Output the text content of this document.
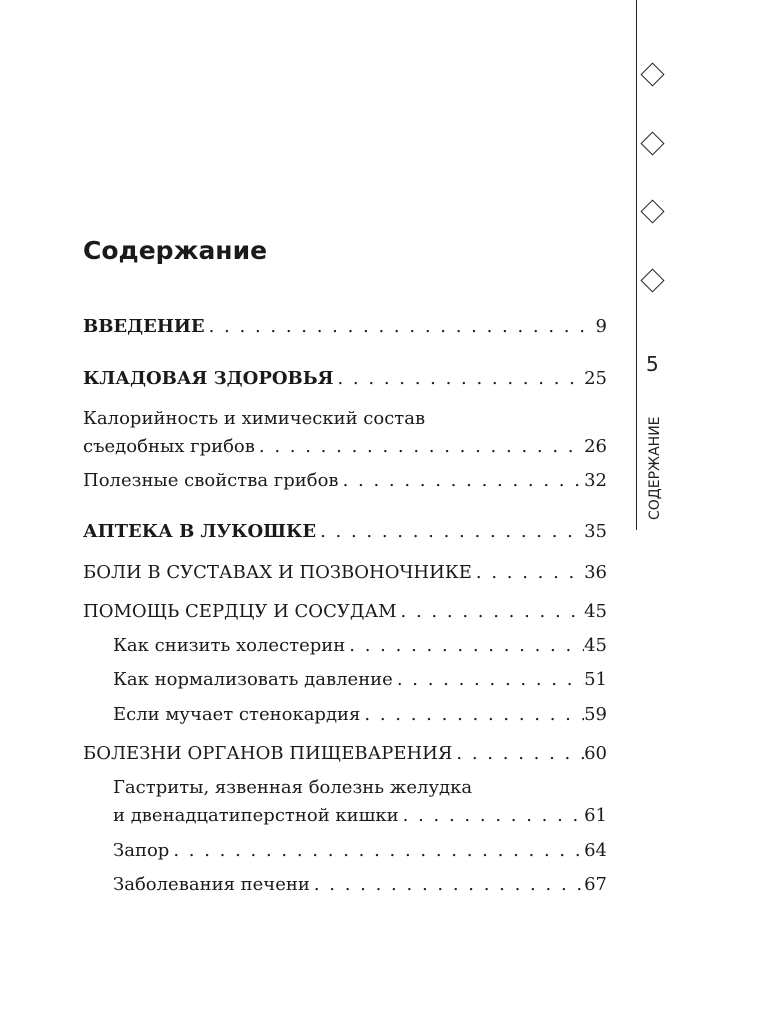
5
СОДЕРЖАНИЕ
Содержание
ВВЕДЕНИЕ . . .	9
КЛАДОВАЯ ЗДОРОВЬЯ . . .	25
Калорийность и химический состав
съедобных грибов . . .	26
Полезные свойства грибов . . .	32
АПТЕКА В ЛУКОШКЕ . . .	35
БОЛИ В СУСТАВАХ И ПОЗВОНОЧНИКЕ . . .	36
ПОМОЩЬ СЕРДЦУ И СОСУДАМ . . .	45
Как снизить холестерин . . .	45
Как нормализовать давление . . .	51
Если мучает стенокардия . . .	59
БОЛЕЗНИ ОРГАНОВ ПИЩЕВАРЕНИЯ . . .	60
Гастриты, язвенная болезнь желудка
и двенадцатиперстной кишки . . .	61
Запор . . .	64
Заболевания печени . . .	67
